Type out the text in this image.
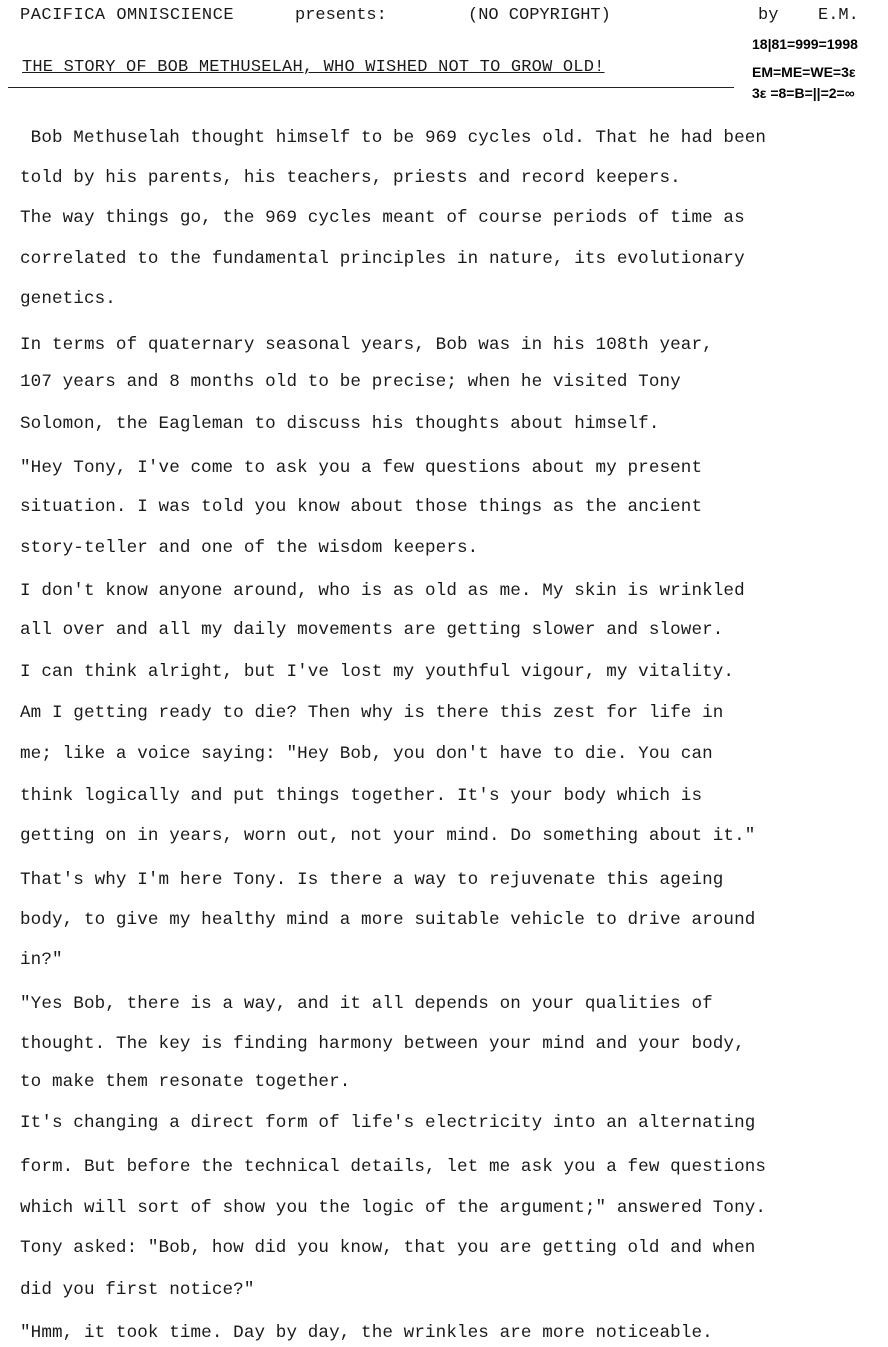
PACIFICA OMNISCIENCE	presents:	(NO COPYRIGHT)	by E.M.
18|81=999=1998
EM=ME=WE=3ε
3ε =8=B=||=2=∞
THE STORY OF BOB METHUSELAH, WHO WISHED NOT TO GROW OLD!
Bob Methuselah thought himself to be 969 cycles old. That he had been
told by his parents, his teachers, priests and record keepers.
The way things go, the 969 cycles meant of course periods of time as
correlated to the fundamental principles in nature, its evolutionary
genetics.
In terms of quaternary seasonal years, Bob was in his 108th year,
107 years and 8 months old to be precise; when he visited Tony
Solomon, the Eagleman to discuss his thoughts about himself.
"Hey Tony, I've come to ask you a few questions about my present
situation. I was told you know about those things as the ancient
story-teller and one of the wisdom keepers.
I don't know anyone around, who is as old as me. My skin is wrinkled
all over and all my daily movements are getting slower and slower.
I can think alright, but I've lost my youthful vigour, my vitality.
Am I getting ready to die? Then why is there this zest for life in
me; like a voice saying: "Hey Bob, you don't have to die. You can
think logically and put things together. It's your body which is
getting on in years, worn out, not your mind. Do something about it."
That's why I'm here Tony. Is there a way to rejuvenate this ageing
body, to give my healthy mind a more suitable vehicle to drive around
in?"
"Yes Bob, there is a way, and it all depends on your qualities of
thought. The key is finding harmony between your mind and your body,
to make them resonate together.
It's changing a direct form of life's electricity into an alternating
form. But before the technical details, let me ask you a few questions
which will sort of show you the logic of the argument;" answered Tony.
Tony asked: "Bob, how did you know, that you are getting old and when
did you first notice?"
"Hmm, it took time. Day by day, the wrinkles are more noticeable.
